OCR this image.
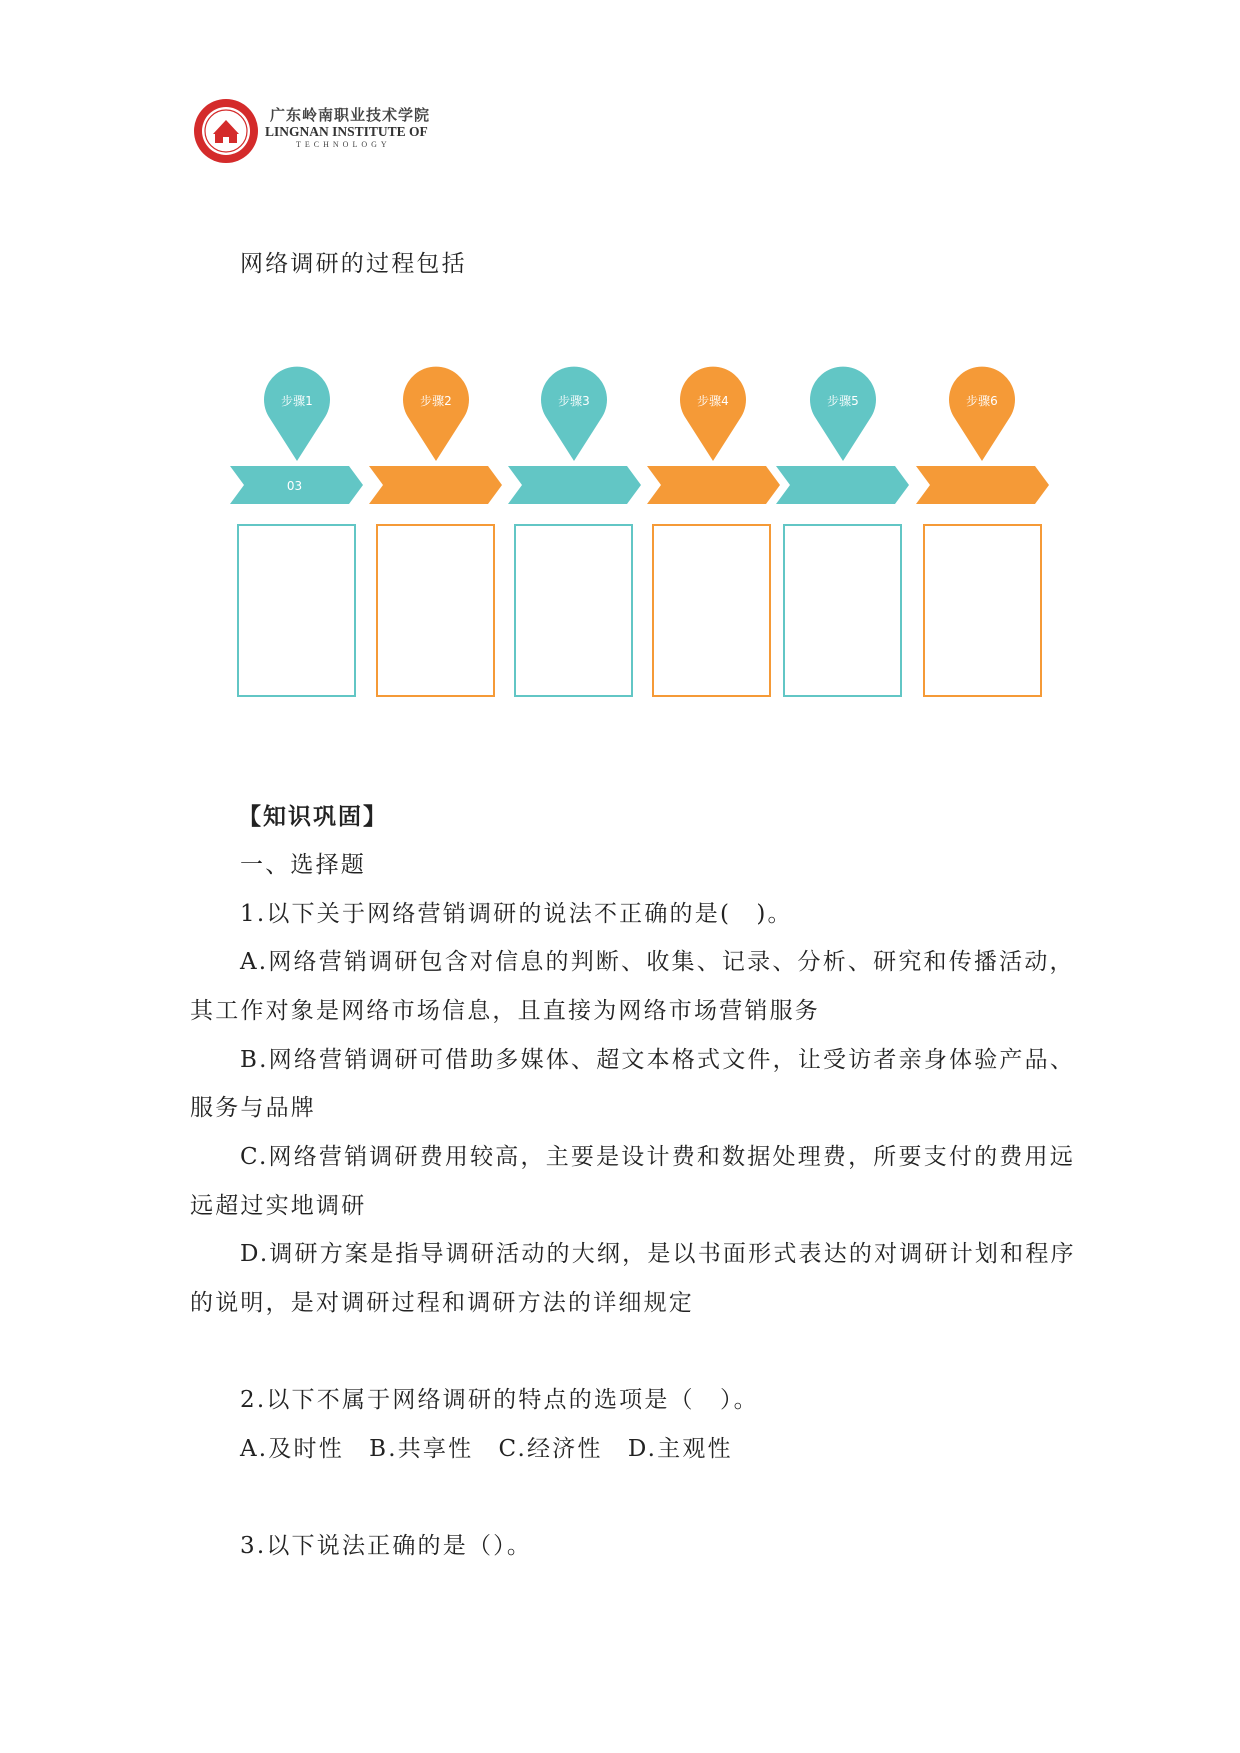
广东岭南职业技术学院
LINGNAN INSTITUTE OF
TECHNOLOGY
网络调研的过程包括
步骤1
03
步骤2	步骤3	步骤4	步骤5	步骤6
【知识巩固】
一、选择题
1.以下关于网络营销调研的说法不正确的是(　)。
A.网络营销调研包含对信息的判断、收集、记录、分析、研究和传播活动，
其工作对象是网络市场信息，且直接为网络市场营销服务
B.网络营销调研可借助多媒体、超文本格式文件，让受访者亲身体验产品、
服务与品牌
C.网络营销调研费用较高，主要是设计费和数据处理费，所要支付的费用远
远超过实地调研
D.调研方案是指导调研活动的大纲，是以书面形式表达的对调研计划和程序
的说明，是对调研过程和调研方法的详细规定
2.以下不属于网络调研的特点的选项是（　）。
A.及时性　B.共享性　C.经济性　D.主观性
3.以下说法正确的是（）。
